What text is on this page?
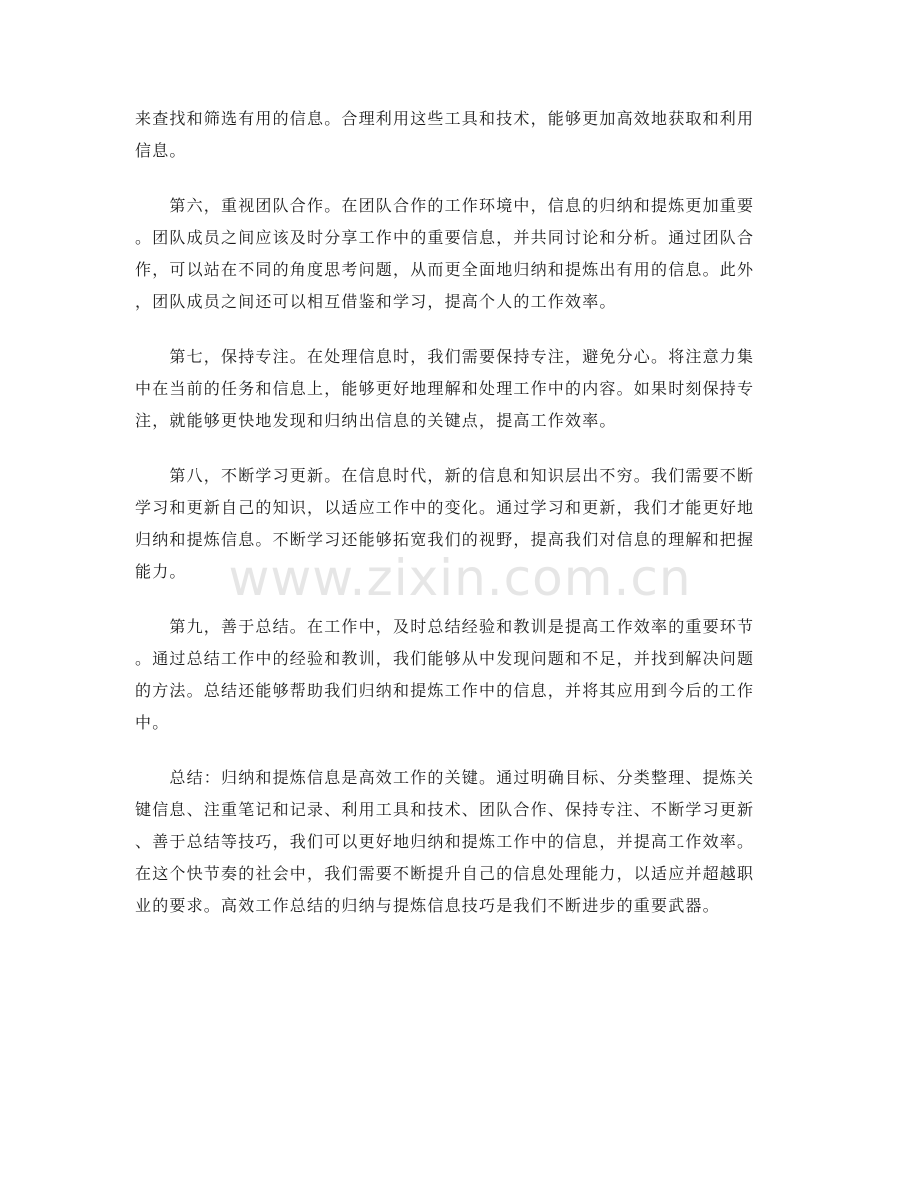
来查找和筛选有用的信息。合理利用这些工具和技术，能够更加高效地获取和利用
信息。
　　第六，重视团队合作。在团队合作的工作环境中，信息的归纳和提炼更加重要
。团队成员之间应该及时分享工作中的重要信息，并共同讨论和分析。通过团队合
作，可以站在不同的角度思考问题，从而更全面地归纳和提炼出有用的信息。此外
，团队成员之间还可以相互借鉴和学习，提高个人的工作效率。
　　第七，保持专注。在处理信息时，我们需要保持专注，避免分心。将注意力集
中在当前的任务和信息上，能够更好地理解和处理工作中的内容。如果时刻保持专
注，就能够更快地发现和归纳出信息的关键点，提高工作效率。
　　第八，不断学习更新。在信息时代，新的信息和知识层出不穷。我们需要不断
学习和更新自己的知识，以适应工作中的变化。通过学习和更新，我们才能更好地
归纳和提炼信息。不断学习还能够拓宽我们的视野，提高我们对信息的理解和把握
能力。
　　第九，善于总结。在工作中，及时总结经验和教训是提高工作效率的重要环节
。通过总结工作中的经验和教训，我们能够从中发现问题和不足，并找到解决问题
的方法。总结还能够帮助我们归纳和提炼工作中的信息，并将其应用到今后的工作
中。
　　总结：归纳和提炼信息是高效工作的关键。通过明确目标、分类整理、提炼关
键信息、注重笔记和记录、利用工具和技术、团队合作、保持专注、不断学习更新
、善于总结等技巧，我们可以更好地归纳和提炼工作中的信息，并提高工作效率。
在这个快节奏的社会中，我们需要不断提升自己的信息处理能力，以适应并超越职
业的要求。高效工作总结的归纳与提炼信息技巧是我们不断进步的重要武器。
www.zixin.com.cn
